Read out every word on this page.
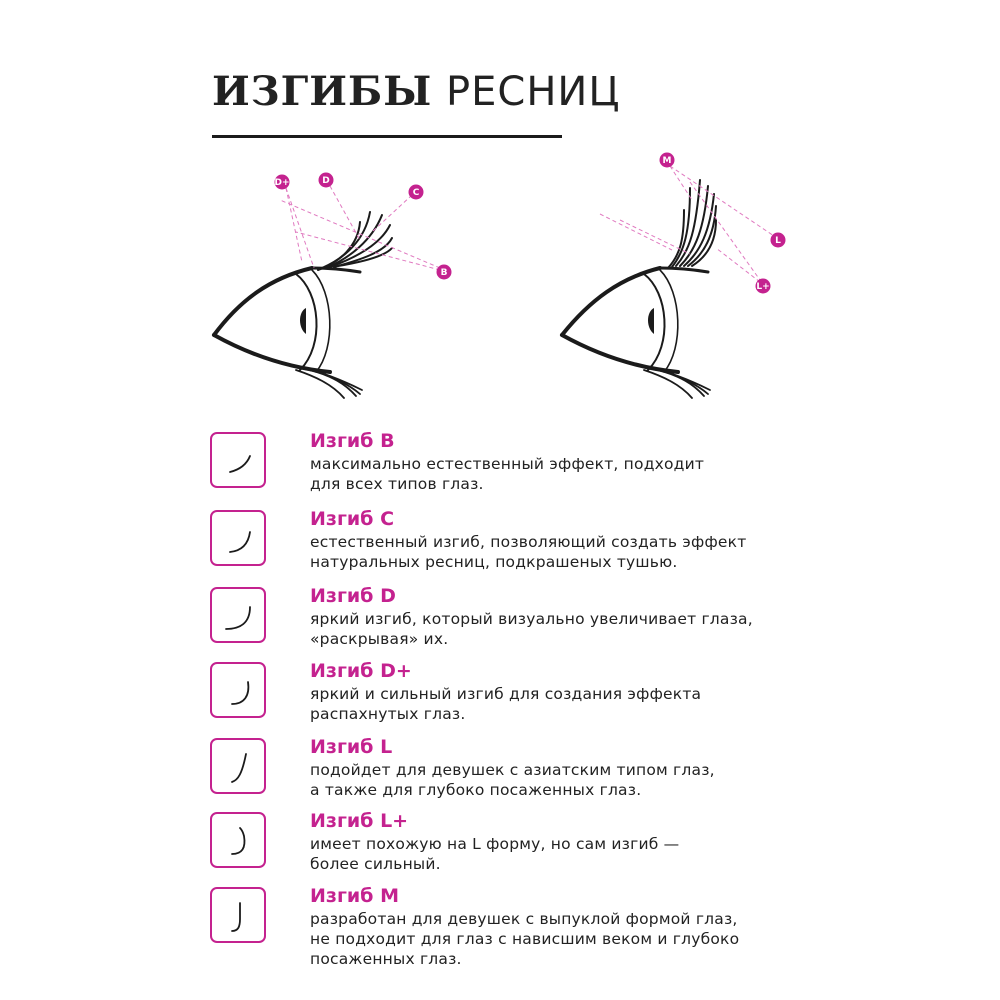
ИЗГИБЫ РЕСНИЦ
D+	D
C
B
M
L
L+
Изгиб B
максимально естественный эффект, подходит
для всех типов глаз.
Изгиб C
естественный изгиб, позволяющий создать эффект
натуральных ресниц, подкрашеных тушью.
Изгиб D
яркий изгиб, который визуально увеличивает глаза,
«раскрывая» их.
Изгиб D+
яркий и сильный изгиб для создания эффекта
распахнутых глаз.
Изгиб L
подойдет для девушек с азиатским типом глаз,
а также для глубоко посаженных глаз.
Изгиб L+
имеет похожую на L форму, но сам изгиб —
более сильный.
Изгиб M
разработан для девушек с выпуклой формой глаз,
не подходит для глаз с нависшим веком и глубоко
посаженных глаз.
